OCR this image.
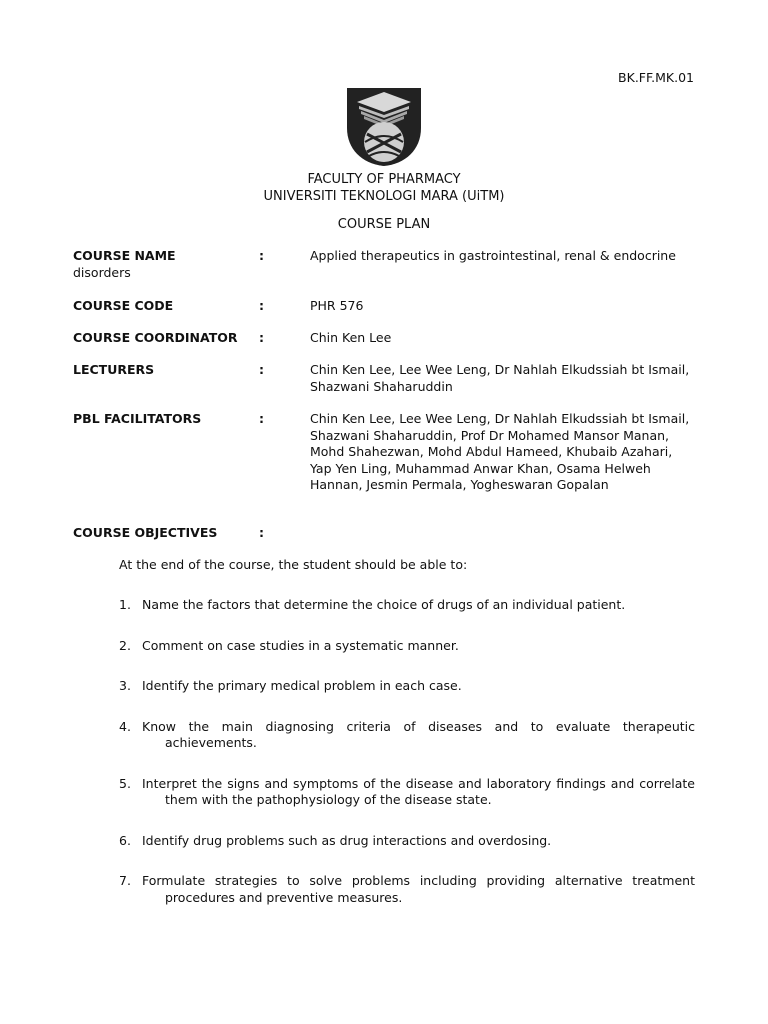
BK.FF.MK.01
FACULTY OF PHARMACY
UNIVERSITI TEKNOLOGI MARA (UiTM)
COURSE PLAN
COURSE NAME	:	Applied therapeutics in gastrointestinal, renal & endocrine
disorders
COURSE CODE	:	PHR 576
COURSE COORDINATOR :	Chin Ken Lee
LECTURERS	:	Chin Ken Lee, Lee Wee Leng, Dr Nahlah Elkudssiah bt Ismail, Shazwani Shaharuddin
PBL FACILITATORS	:	Chin Ken Lee, Lee Wee Leng, Dr Nahlah Elkudssiah bt Ismail, Shazwani Shaharuddin, Prof Dr Mohamed Mansor Manan, Mohd Shahezwan, Mohd Abdul Hameed, Khubaib Azahari, Yap Yen Ling, Muhammad Anwar Khan, Osama Helweh Hannan, Jesmin Permala, Yogheswaran Gopalan
COURSE OBJECTIVES	:
At the end of the course, the student should be able to:
1. Name the factors that determine the choice of drugs of an individual patient.
2. Comment on case studies in a systematic manner.
3. Identify the primary medical problem in each case.
4. Know the main diagnosing criteria of diseases and to evaluate therapeutic
achievements.
5. Interpret the signs and symptoms of the disease and laboratory findings and correlate
them with the pathophysiology of the disease state.
6. Identify drug problems such as drug interactions and overdosing.
7. Formulate strategies to solve problems including providing alternative treatment
procedures and preventive measures.
